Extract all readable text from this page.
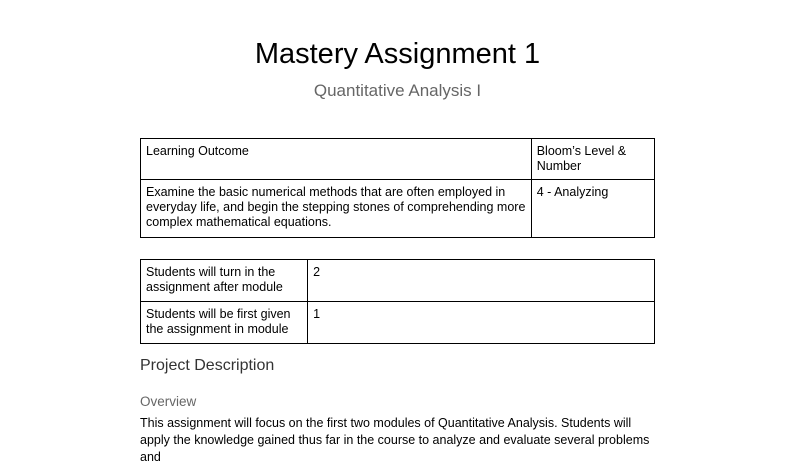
Mastery Assignment 1
Quantitative Analysis I
Learning Outcome	Bloom’s Level & Number
Examine the basic numerical methods that are often employed in everyday life, and begin the stepping stones of comprehending more complex mathematical equations.	4 - Analyzing
Students will turn in the assignment after module	2
Students will be first given the assignment in module	1
Project Description
Overview
This assignment will focus on the first two modules of Quantitative Analysis. Students will apply the knowledge gained thus far in the course to analyze and evaluate several problems and
